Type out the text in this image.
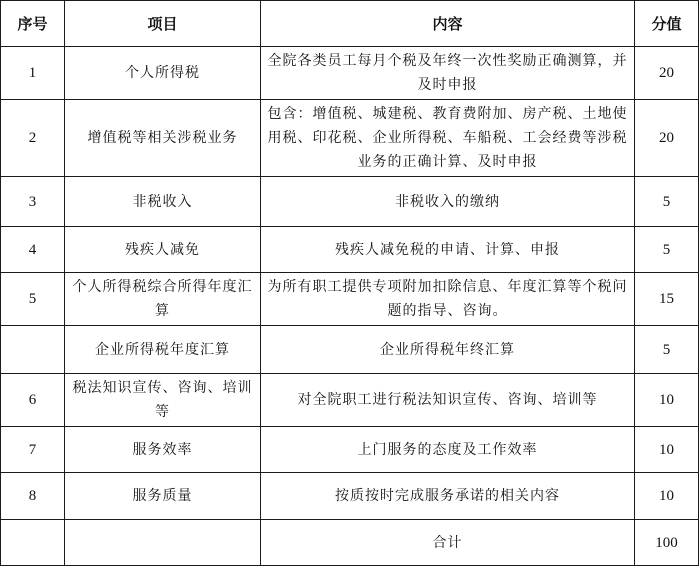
序号	项目	内容	分值
1	个人所得税	全院各类员工每月个税及年终一次性奖励正确测算，并及时申报	20
2	增值税等相关涉税业务	包含：增值税、城建税、教育费附加、房产税、土地使用税、印花税、企业所得税、车船税、工会经费等涉税业务的正确计算、及时申报	20
3	非税收入	非税收入的缴纳	5
4	残疾人减免	残疾人减免税的申请、计算、申报	5
5	个人所得税综合所得年度汇算	为所有职工提供专项附加扣除信息、年度汇算等个税问题的指导、咨询。	15
	企业所得税年度汇算	企业所得税年终汇算	5
6	税法知识宣传、咨询、培训等	对全院职工进行税法知识宣传、咨询、培训等	10
7	服务效率	上门服务的态度及工作效率	10
8	服务质量	按质按时完成服务承诺的相关内容	10
		合计	100
